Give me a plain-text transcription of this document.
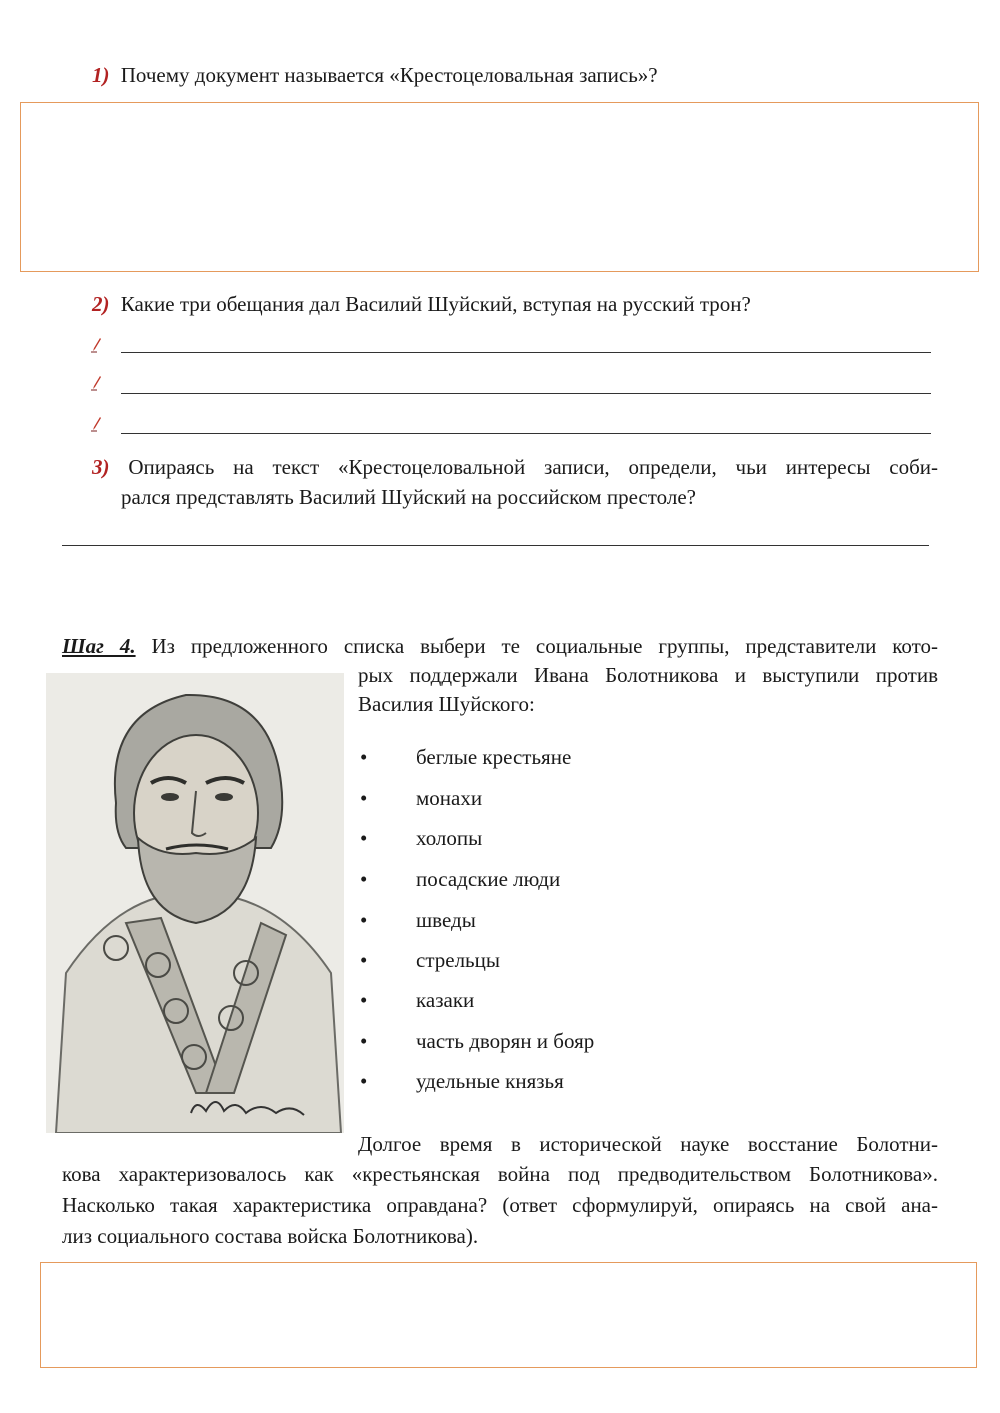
1) Почему документ называется «Крестоцеловальная запись»?
2) Какие три обещания дал Василий Шуйский, вступая на русский трон?
3) Опираясь на текст «Крестоцеловальной записи, определи, чьи интересы соби-
рался представлять Василий Шуйский на российском престоле?
Шаг 4. Из предложенного списка выбери те социальные группы, представители кото-
рых поддержали Ивана Болотникова и выступили против
Василия Шуйского:
• беглые крестьяне
• монахи
• холопы
• посадские люди
• шведы
• стрельцы
• казаки
• часть дворян и бояр
• удельные князья
Долгое время в исторической науке восстание Болотни-
кова характеризовалось как «крестьянская война под предводительством Болотникова».
Насколько такая характеристика оправдана? (ответ сформулируй, опираясь на свой ана-
лиз социального состава войска Болотникова).
